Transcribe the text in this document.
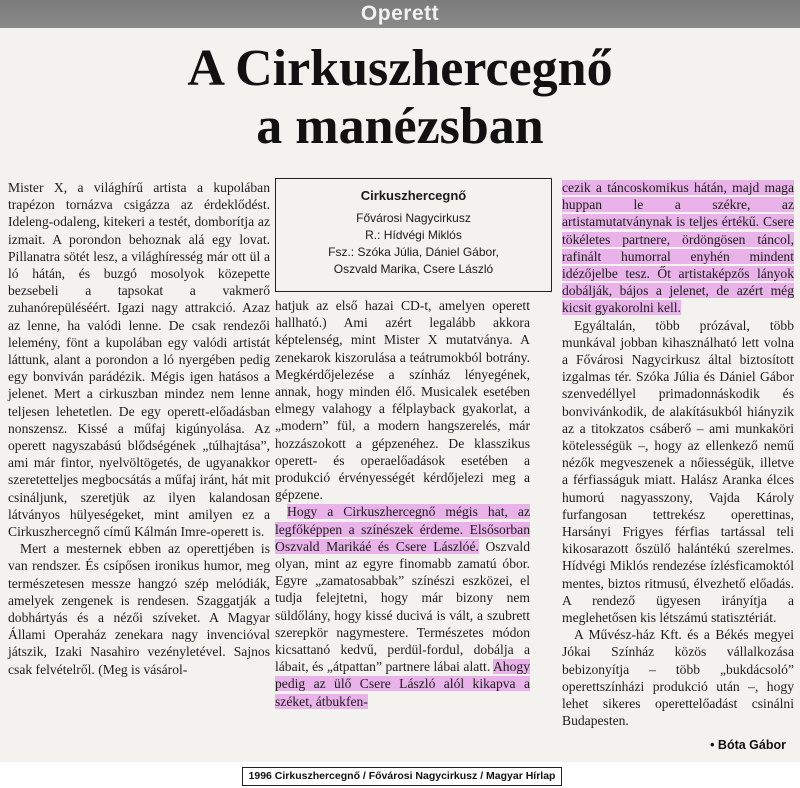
Operett
A Cirkuszhercegnő
a manézsban

Mister X, a világhírű artista a kupolában trapézon tornázva csigázza az érdeklődést. Ideleng-odaleng, kitekeri a testét, domborítja az izmait. A porondon behoznak alá egy lovat. Pillanatra sötét lesz, a világhíresség már ott ül a ló hátán, és buzgó mosolyok közepette bezsebeli a tapsokat a vakmerő zuhanórepüléséért. Igazi nagy attrakció. Azaz az lenne, ha valódi lenne. De csak rendezői lelemény, fönt a kupolában egy valódi artistát láttunk, alant a porondon a ló nyergében pedig egy bonviván parádézik. Mégis igen hatásos a jelenet. Mert a cirkuszban mindez nem lenne teljesen lehetetlen. De egy operett-előadásban nonszensz. Kissé a műfaj kigúnyolása. Az operett nagyszabású blődségének „túlhajtása”, ami már fintor, nyelvöltögetés, de ugyanakkor szeretetteljes megbocsátás a műfaj iránt, hát mit csináljunk, szeretjük az ilyen kalandosan látványos hülyeségeket, mint amilyen ez a Cirkuszhercegnő című Kálmán Imre-operett is.

Mert a mesternek ebben az operettjében is van rendszer. És csípősen ironikus humor, meg természetesen messze hangzó szép melódiák, amelyek zengenek is rendesen. Szaggatják a dobhártyás és a nézői szíveket. A Magyar Állami Operaház zenekara nagy invencióval játszik, Izaki Nasahiro vezényletével. Sajnos csak felvételről. (Meg is vásárol-

Cirkuszhercegnő
Fővárosi Nagycirkusz
R.: Hídvégi Miklós
Fsz.: Szóka Júlia, Dániel Gábor,
Oszvald Marika, Csere László

hatjuk az első hazai CD-t, amelyen operett hallható.) Ami azért legalább akkora képtelenség, mint Mister X mutatványa. A zenekarok kiszorulása a teátrumokból botrány. Megkérdőjelezése a színház lényegének, annak, hogy minden élő. Musicalek esetében elmegy valahogy a félplayback gyakorlat, a „modern” fül, a modern hangszerelés, már hozzászokott a gépzenéhez. De klasszikus operett- és operaelőadások esetében a produkció érvényességét kérdőjelezi meg a gépzene.

Hogy a Cirkuszhercegnő mégis hat, az legfőképpen a színészek érdeme. Elsősorban Oszvald Marikáé és Csere Lászlóé. Oszvald olyan, mint az egyre finomabb zamatú óbor. Egyre „zamatosabbak” színészi eszközei, el tudja felejtetni, hogy már bizony nem süldőlány, hogy kissé ducivá is vált, a szubrett szerepkör nagymestere. Természetes módon kicsattanó kedvű, perdül-fordul, dobálja a lábait, és „átpattan” partnere lábai alatt. Ahogy pedig az ülő Csere László alól kikapva a széket, átbukfen-

cezik a táncoskomikus hátán, majd maga huppan le a székre, az artistamutatványnak is teljes értékű. Csere tökéletes partnere, ördöngösen táncol, rafinált humorral enyhén mindent idézőjelbe tesz. Őt artistaképzős lányok dobálják, bájos a jelenet, de azért még kicsit gyakorolni kell.

Egyáltalán, több prózával, több munkával jobban kihasználható lett volna a Fővárosi Nagycirkusz által biztosított izgalmas tér. Szóka Júlia és Dániel Gábor szenvedéllyel primadonnáskodik és bonvivánkodik, de alakításukból hiányzik az a titokzatos csáberő – ami munkaköri kötelességük –, hogy az ellenkező nemű nézők megveszenek a nőiességük, illetve a férfiasságuk miatt. Halász Aranka élces humorú nagyasszony, Vajda Károly furfangosan tettrekész operettinas, Harsányi Frigyes férfias tartással teli kikosarazott őszülő halántékú szerelmes. Hídvégi Miklós rendezése ízlésficamoktól mentes, biztos ritmusú, élvezhető előadás. A rendező ügyesen irányítja a meglehetősen kis létszámú statisztériát.

A Művész-ház Kft. és a Békés megyei Jókai Színház közös vállalkozása bebizonyítja – több „bukdácsoló” operettszínházi produkció után –, hogy lehet sikeres operettelőadást csinálni Budapesten.

• Bóta Gábor
1996 Cirkuszhercegnő / Fővárosi Nagycirkusz / Magyar Hírlap
